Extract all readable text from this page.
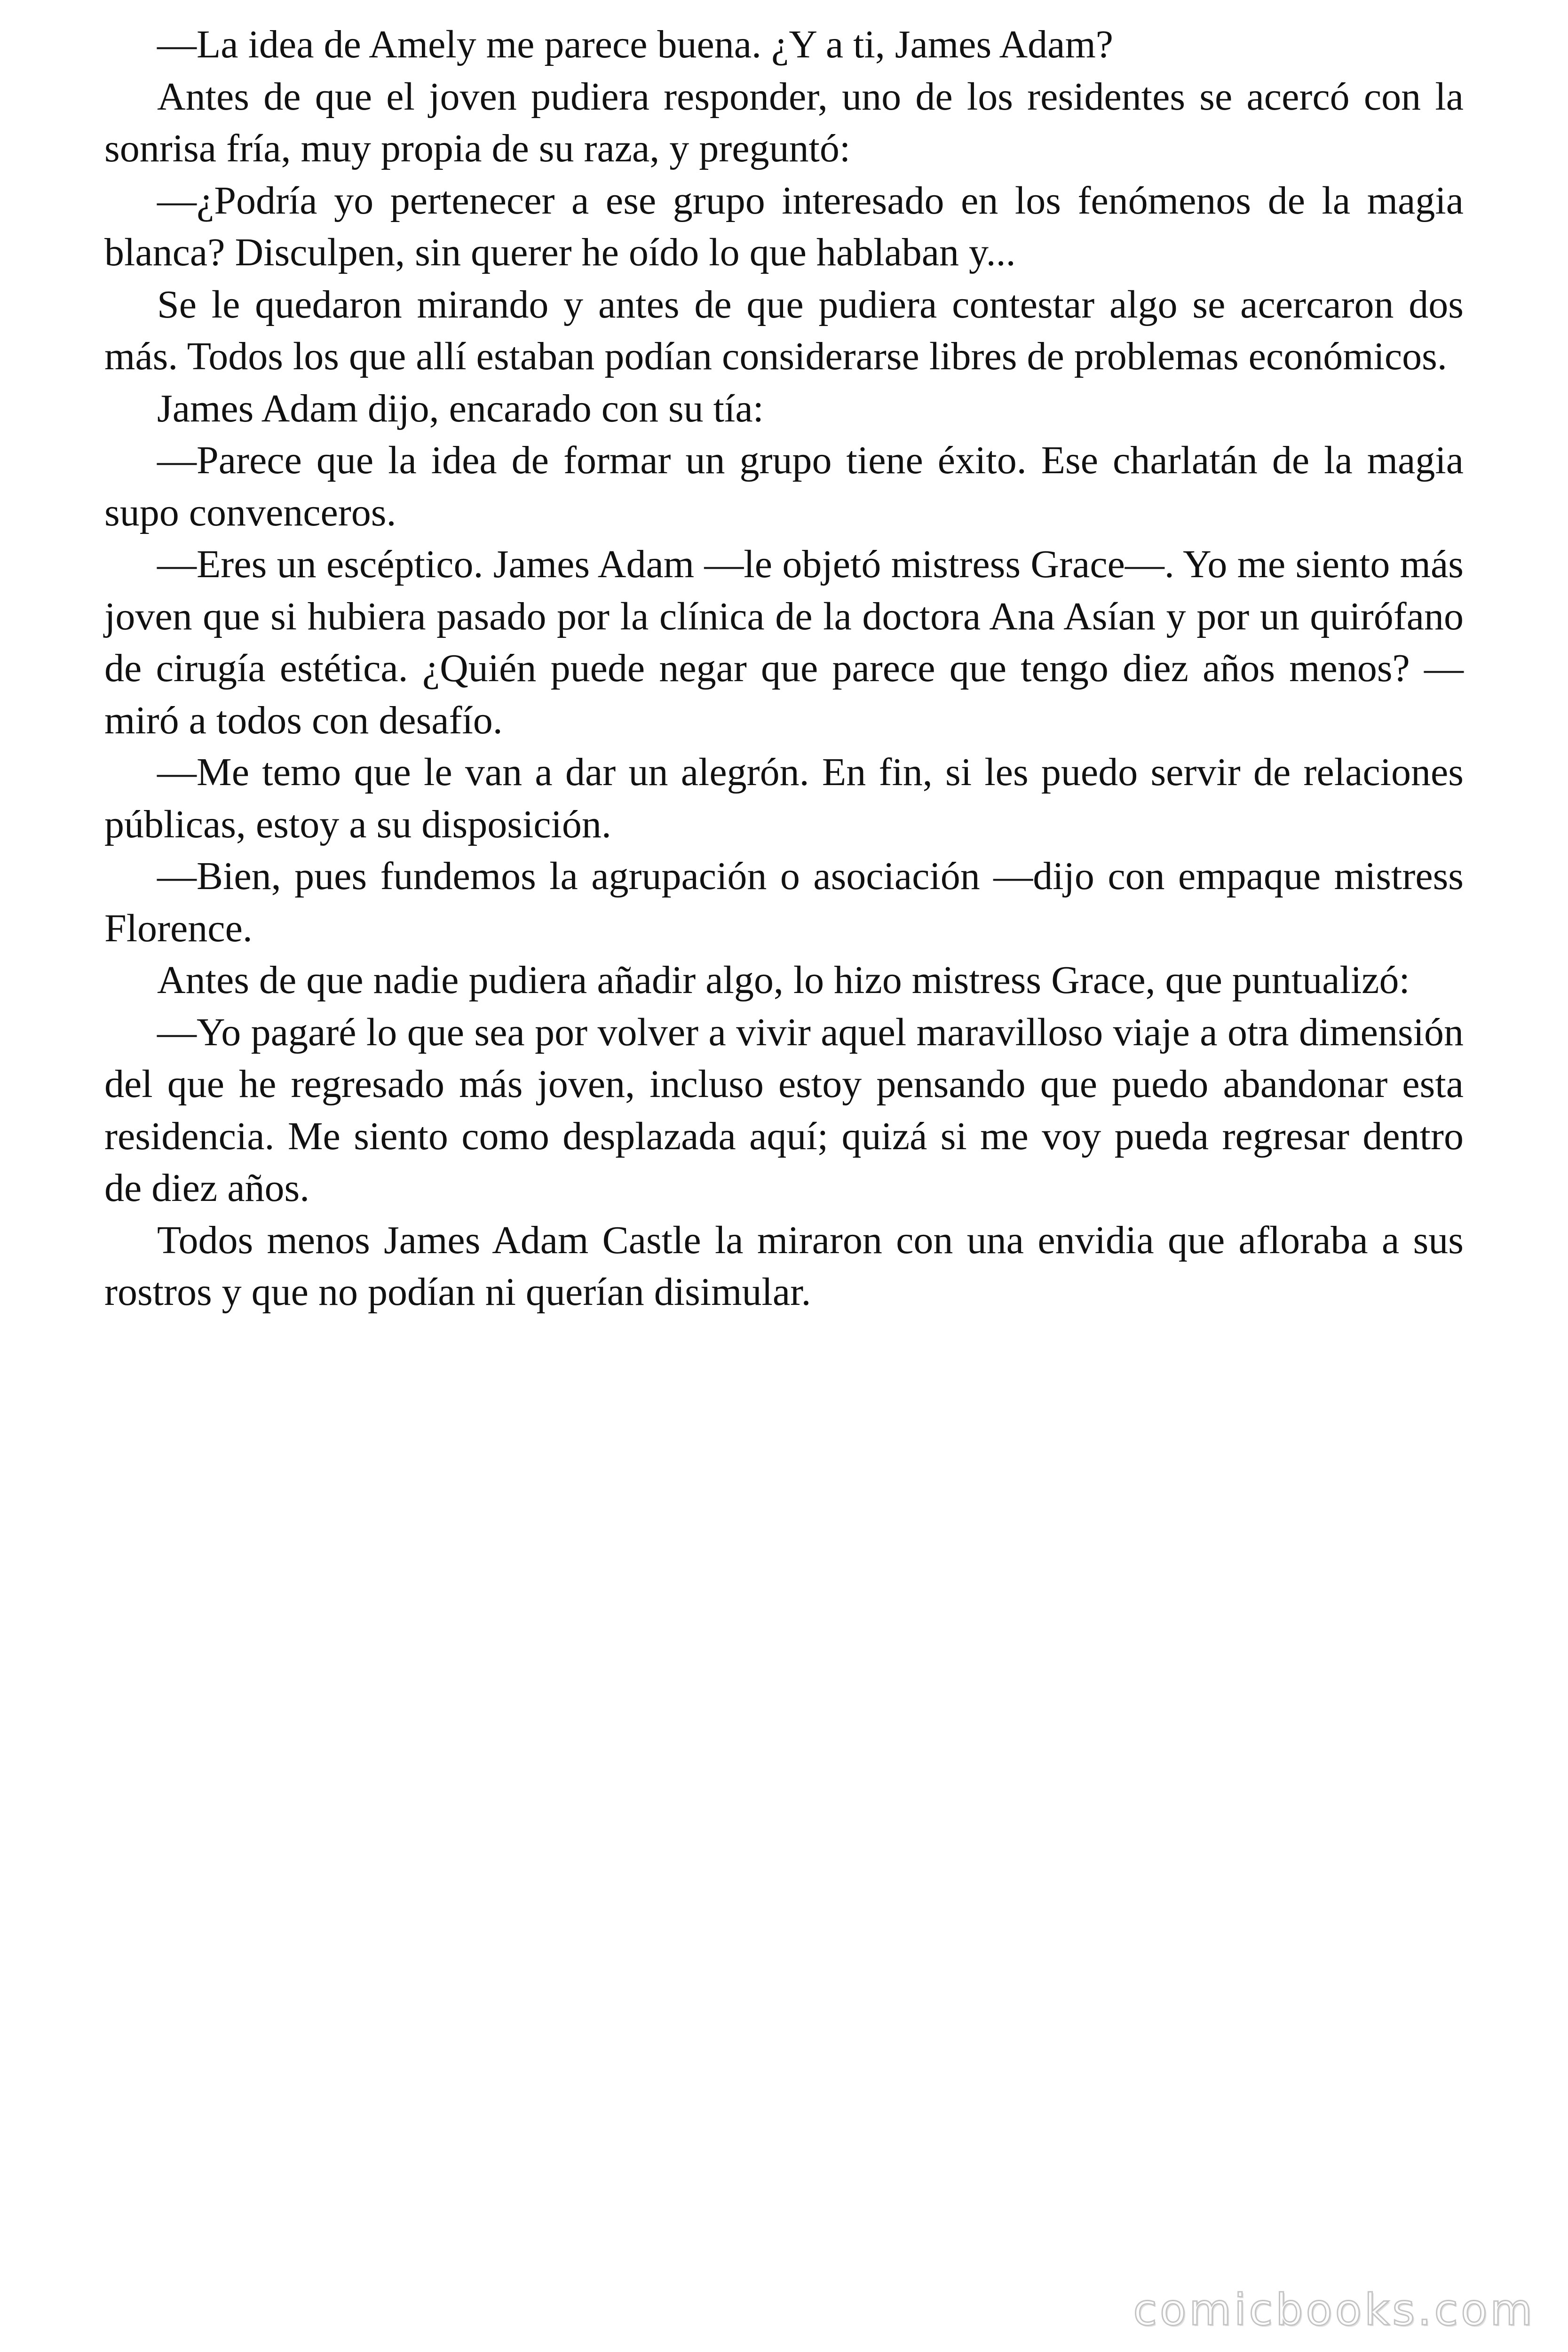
—La idea de Amely me parece buena. ¿Y a ti, James Adam?

Antes de que el joven pudiera responder, uno de los residentes se acercó con la sonrisa fría, muy propia de su raza, y preguntó:

—¿Podría yo pertenecer a ese grupo interesado en los fenómenos de la magia blanca? Disculpen, sin querer he oído lo que hablaban y...

Se le quedaron mirando y antes de que pudiera contestar algo se acercaron dos más. Todos los que allí estaban podían considerarse libres de problemas económicos.

James Adam dijo, encarado con su tía:

—Parece que la idea de formar un grupo tiene éxito. Ese charlatán de la magia supo convenceros.

—Eres un escéptico. James Adam —le objetó mistress Grace—. Yo me siento más joven que si hubiera pasado por la clínica de la doctora Ana Asían y por un quirófano de cirugía estética. ¿Quién puede negar que parece que tengo diez años menos? —miró a todos con desafío.

—Me temo que le van a dar un alegrón. En fin, si les puedo servir de relaciones públicas, estoy a su disposición.

—Bien, pues fundemos la agrupación o asociación —dijo con empaque mistress Florence.

Antes de que nadie pudiera añadir algo, lo hizo mistress Grace, que puntualizó:

—Yo pagaré lo que sea por volver a vivir aquel maravilloso viaje a otra dimensión del que he regresado más joven, incluso estoy pensando que puedo abandonar esta residencia. Me siento como desplazada aquí; quizá si me voy pueda regresar dentro de diez años.

Todos menos James Adam Castle la miraron con una envidia que afloraba a sus rostros y que no podían ni querían disimular.

comicbooks.com
